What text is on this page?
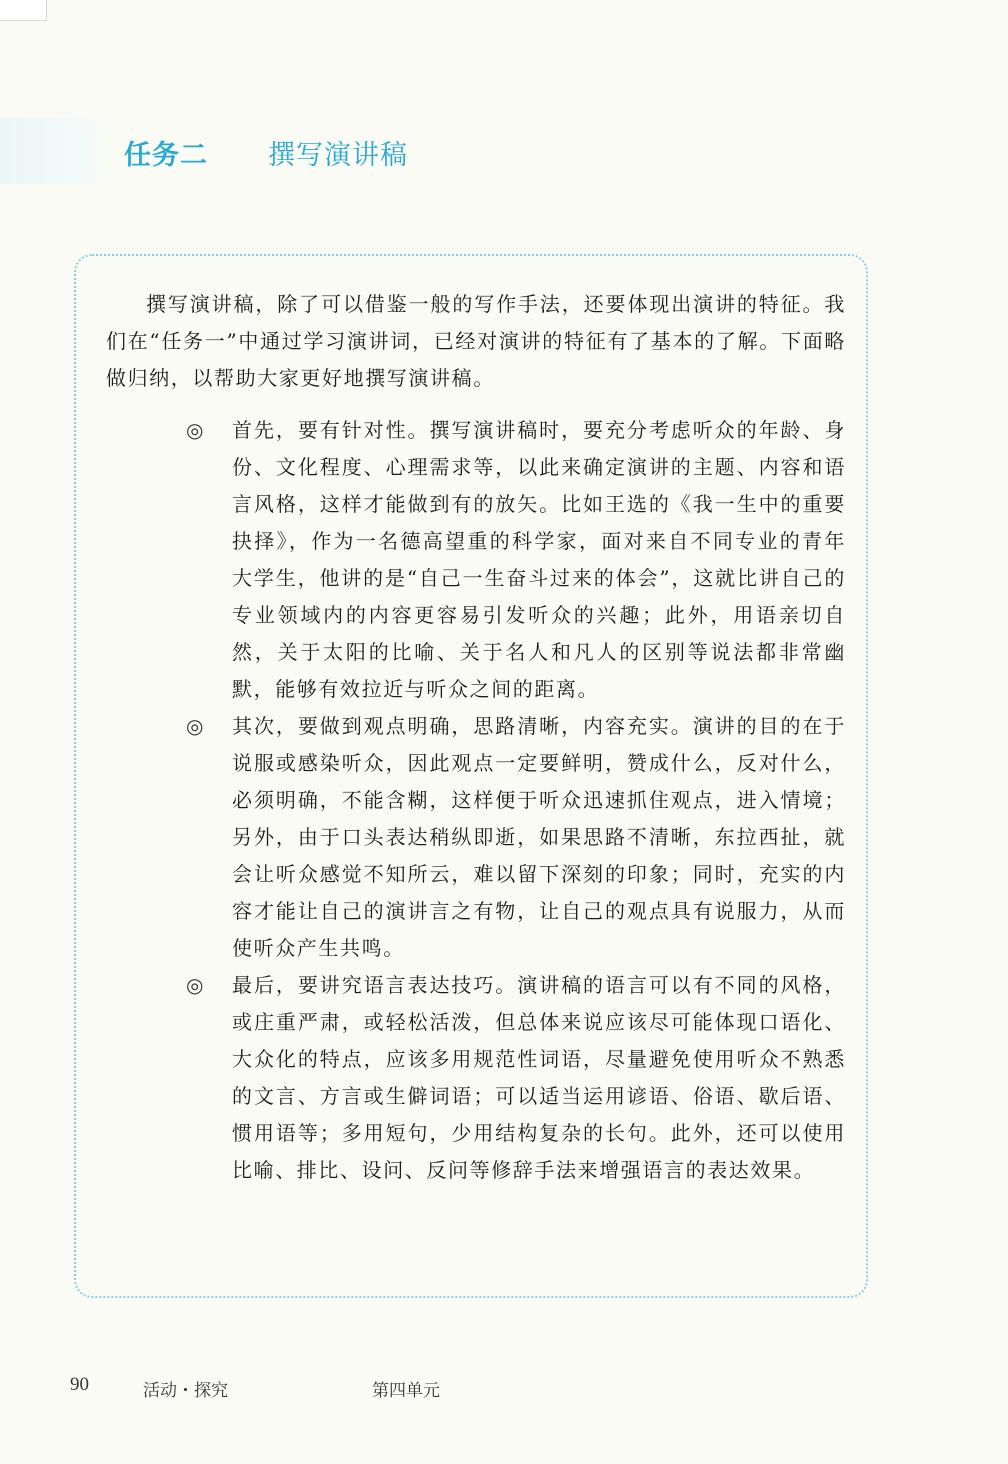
任务二 撰写演讲稿

撰写演讲稿，除了可以借鉴一般的写作手法，还要体现出演讲的特征。我们在“任务一”中通过学习演讲词，已经对演讲的特征有了基本的了解。下面略做归纳，以帮助大家更好地撰写演讲稿。

◎	首先，要有针对性。撰写演讲稿时，要充分考虑听众的年龄、身份、文化程度、心理需求等，以此来确定演讲的主题、内容和语言风格，这样才能做到有的放矢。比如王选的《我一生中的重要抉择》，作为一名德高望重的科学家，面对来自不同专业的青年大学生，他讲的是“自己一生奋斗过来的体会”，这就比讲自己的专业领域内的内容更容易引发听众的兴趣；此外，用语亲切自然，关于太阳的比喻、关于名人和凡人的区别等说法都非常幽默，能够有效拉近与听众之间的距离。
◎	其次，要做到观点明确，思路清晰，内容充实。演讲的目的在于说服或感染听众，因此观点一定要鲜明，赞成什么，反对什么，必须明确，不能含糊，这样便于听众迅速抓住观点，进入情境；另外，由于口头表达稍纵即逝，如果思路不清晰，东拉西扯，就会让听众感觉不知所云，难以留下深刻的印象；同时，充实的内容才能让自己的演讲言之有物，让自己的观点具有说服力，从而使听众产生共鸣。
◎	最后，要讲究语言表达技巧。演讲稿的语言可以有不同的风格，或庄重严肃，或轻松活泼，但总体来说应该尽可能体现口语化、大众化的特点，应该多用规范性词语，尽量避免使用听众不熟悉的文言、方言或生僻词语；可以适当运用谚语、俗语、歇后语、惯用语等；多用短句，少用结构复杂的长句。此外，还可以使用比喻、排比、设问、反问等修辞手法来增强语言的表达效果。
90	活动・探究	第四单元
